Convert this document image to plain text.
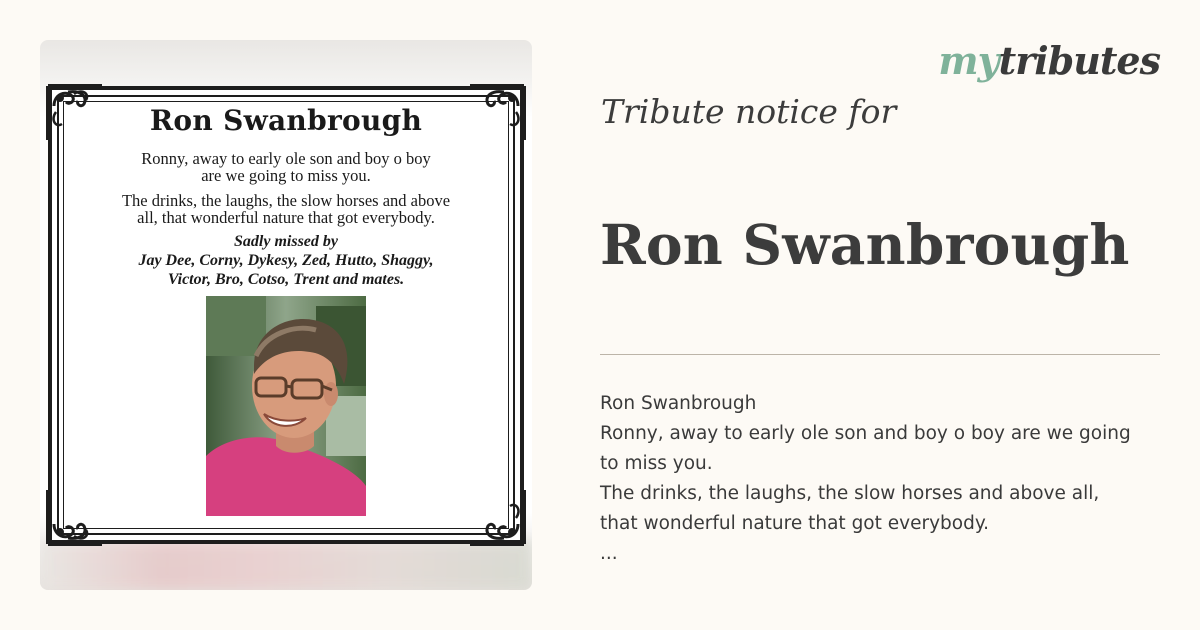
Ron Swanbrough
Ronny, away to early ole son and boy o boy
are we going to miss you.
The drinks, the laughs, the slow horses and above
all, that wonderful nature that got everybody.
Sadly missed by
Jay Dee, Corny, Dykesy, Zed, Hutto, Shaggy,
Victor, Bro, Cotso, Trent and mates.
mytributes
Tribute notice for
Ron Swanbrough
Ron Swanbrough
Ronny, away to early ole son and boy o boy are we going
to miss you.
The drinks, the laughs, the slow horses and above all,
that wonderful nature that got everybody.
...
